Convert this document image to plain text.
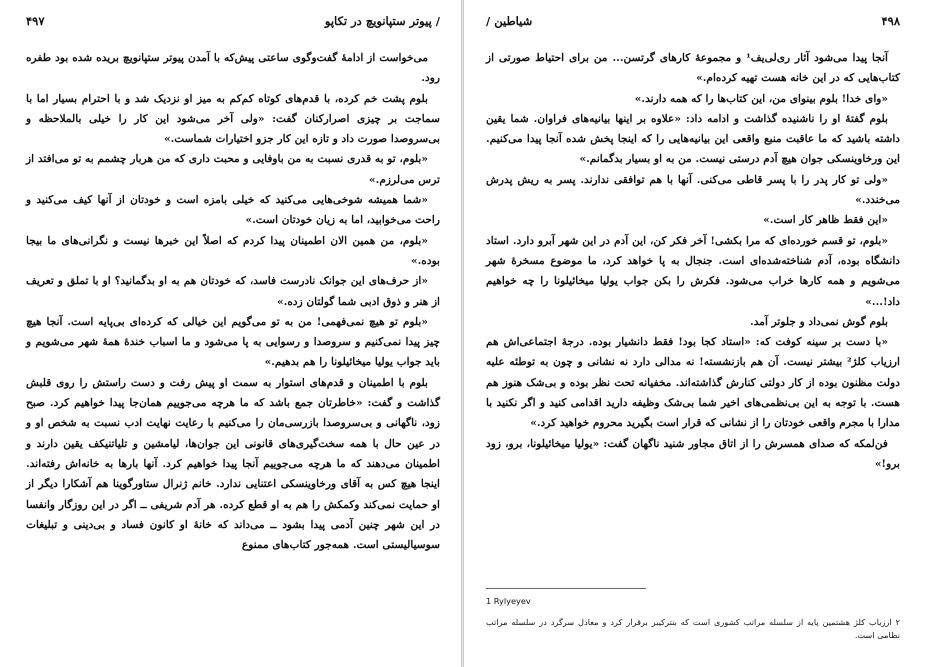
۴۹۷	پیوتر ستپانویچ در تکاپو /

می‌خواست از ادامهٔ گفت‌وگوی ساعتی پیش‌که با آمدن پیوتر ستپانویچ بریده شده بود طفره رود.

بلوم پشت خم کرده، با قدم‌های کوتاه کم‌کم به میز او نزدیک شد و با احترام بسیار اما با سماجت بر چیزی اصرارکنان گفت: «ولی آخر می‌شود این کار را خیلی بالملاحظه و بی‌سروصدا صورت داد و تازه این کار جزو اختیارات شماست.»

«بلوم، تو به قدری نسبت به من باوفایی و محبت داری که من هربار چشمم به تو می‌افتد از ترس می‌لرزم.»

«شما همیشه شوخی‌هایی می‌کنید که خیلی بامزه است و خودتان از آنها کیف می‌کنید و راحت می‌خوابید، اما به زیان خودتان است.»

«بلوم، من همین الان اطمینان پیدا کردم که اصلاً این خبرها نیست و نگرانی‌های ما بیجا بوده.»

«از حرف‌های این جوانک نادرست فاسد، که خودتان هم به او بدگمانید؟ او با تملق و تعریف از هنر و ذوق ادبی شما گولتان زده.»

«بلوم تو هیچ نمی‌فهمی! من به تو می‌گویم این خیالی که کرده‌ای بی‌پایه است. آنجا هیچ چیز پیدا نمی‌کنیم و سروصدا و رسوایی به پا می‌شود و ما اسباب خندهٔ همهٔ شهر می‌شویم و باید جواب یولیا میخائیلونا را هم بدهیم.»

بلوم با اطمینان و قدم‌های استوار به سمت او پیش رفت و دست راستش را روی قلبش گذاشت و گفت: «خاطرتان جمع باشد که ما هرچه می‌جوییم همان‌جا پیدا خواهیم کرد. صبح زود، ناگهانی و بی‌سروصدا بازرسی‌مان را می‌کنیم با رعایت نهایت ادب نسبت به شخص او و در عین حال با همه سخت‌گیری‌های قانونی این جوان‌ها، لیامشین و تلیاتنیکف یقین دارند و اطمینان می‌دهند که ما هرچه می‌جوییم آنجا پیدا خواهیم کرد. آنها بارها به خانه‌اش رفته‌اند. اینجا هیچ کس به آقای ورخاوینسکی اعتنایی ندارد. خانم ژنرال ستاورگوینا هم آشکارا دیگر از او حمایت نمی‌کند وکمکش را هم به او قطع کرده. هر آدم شریفی ــ اگر در این روزگار وانفسا در این شهر چنین آدمی پیدا بشود ــ می‌داند که خانهٔ او کانون فساد و بی‌دینی و تبلیغات سوسیالیستی است. همه‌جور کتاب‌های ممنوع

/ شیاطین	۴۹۸

آنجا پیدا می‌شود آثار ری‌لی‌یف¹ و مجموعهٔ کارهای گرتسن... من برای احتیاط صورتی از کتاب‌هایی که در این خانه هست تهیه کرده‌ام.»

«وای خدا! بلوم بینوای من، این کتاب‌ها را که همه دارند.»

بلوم گفتهٔ او را ناشنیده گذاشت و ادامه داد: «علاوه بر اینها بیانیه‌های فراوان. شما یقین داشته باشید که ما عاقبت منبع واقعی این بیانیه‌هایی را که اینجا پخش شده آنجا پیدا می‌کنیم. این ورخاوینسکی جوان هیچ آدم درستی نیست. من به او بسیار بدگمانم.»

«ولی تو کار پدر را با پسر قاطی می‌کنی. آنها با هم توافقی ندارند. پسر به ریش پدرش می‌خندد.»

«این فقط ظاهر کار است.»

«بلوم، تو قسم خورده‌ای که مرا بکشی! آخر فکر کن، این آدم در این شهر آبرو دارد. استاد دانشگاه بوده، آدم شناخته‌شده‌ای است. جنجال به پا خواهد کرد، ما موضوع مسخرهٔ شهر می‌شویم و همه کارها خراب می‌شود. فکرش را بکن جواب یولیا میخائیلونا را چه خواهیم داد!...»

بلوم گوش نمی‌داد و جلوتر آمد.

«با دست بر سینه کوفت که: «استاد کجا بود! فقط دانشیار بوده. درجهٔ اجتماعی‌اش هم ارزیاب کلژ² بیشتر نیست. آن هم بازنشسته! نه مدالی دارد نه نشانی و چون به توطئه علیه دولت مظنون بوده از کار دولتی کنارش گذاشته‌اند. مخفیانه تحت نظر بوده و بی‌شک هنوز هم هست. با توجه به این بی‌نظمی‌های اخیر شما بی‌شک وظیفه دارید اقدامی کنید و اگر نکنید با مدارا با مجرم واقعی خودتان را از نشانی که قرار است بگیرید محروم خواهید کرد.»

فن‌لمکه که صدای همسرش را از اتاق مجاور شنید ناگهان گفت: «یولیا میخائیلونا، برو، زود برو!»

1 Rylyeyev
۲ ارزیاب کلژ هشتمین پایه از سلسله مراتب کشوری است که بنترکیبر برقرار کرد و معادل سرگرد در سلسله مراتب نظامی است.
